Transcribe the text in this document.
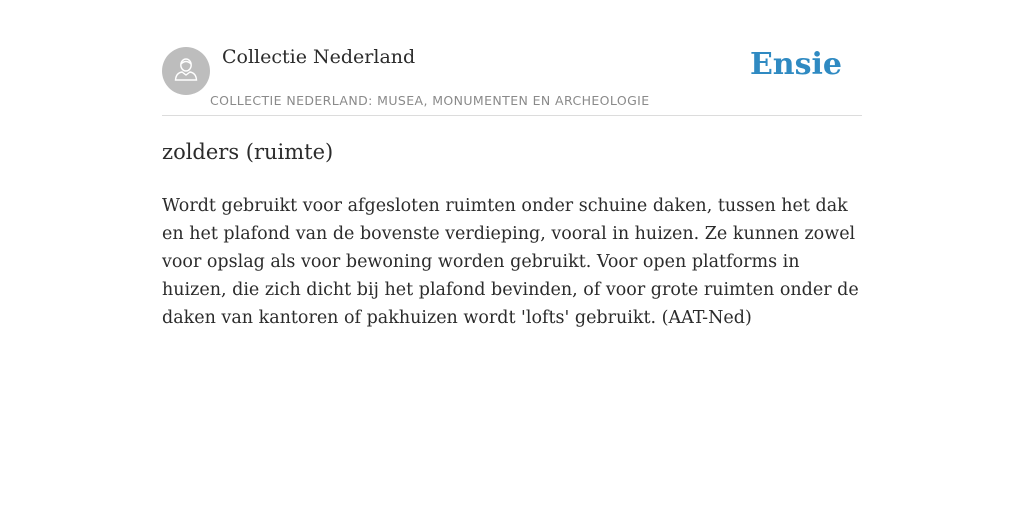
Collectie Nederland
COLLECTIE NEDERLAND: MUSEA, MONUMENTEN EN ARCHEOLOGIE
Ensie
zolders (ruimte)

Wordt gebruikt voor afgesloten ruimten onder schuine daken, tussen het dak en het plafond van de bovenste verdieping, vooral in huizen. Ze kunnen zowel voor opslag als voor bewoning worden gebruikt. Voor open platforms in huizen, die zich dicht bij het plafond bevinden, of voor grote ruimten onder de daken van kantoren of pakhuizen wordt 'lofts' gebruikt. (AAT-Ned)
